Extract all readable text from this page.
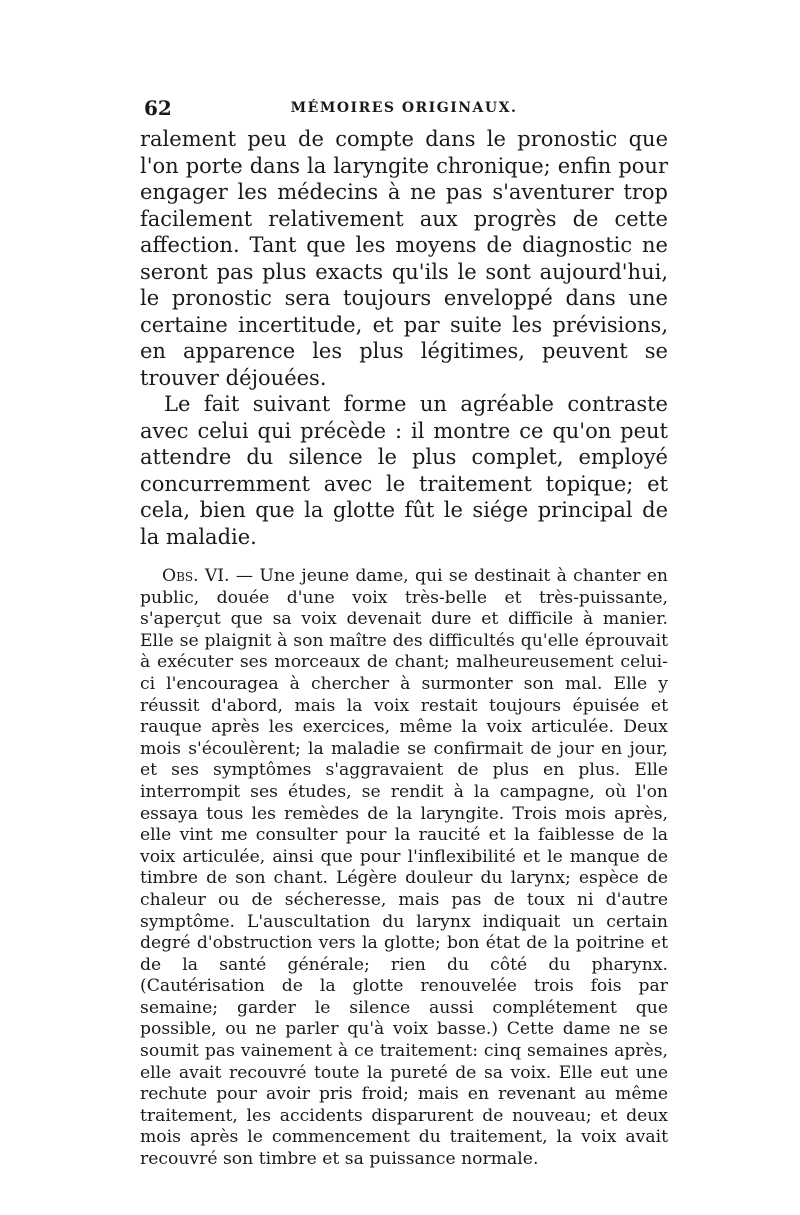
62	MÉMOIRES ORIGINAUX.

ralement peu de compte dans le pronostic que l'on porte dans la laryngite chronique; enfin pour engager les médecins à ne pas s'aventurer trop facilement relativement aux progrès de cette affection. Tant que les moyens de diagnostic ne seront pas plus exacts qu'ils le sont aujourd'hui, le pronostic sera toujours enveloppé dans une certaine incertitude, et par suite les prévisions, en apparence les plus légitimes, peuvent se trouver déjouées.

Le fait suivant forme un agréable contraste avec celui qui précède : il montre ce qu'on peut attendre du silence le plus complet, employé concurremment avec le traitement topique; et cela, bien que la glotte fût le siége principal de la maladie.

Obs. VI. — Une jeune dame, qui se destinait à chanter en public, douée d'une voix très-belle et très-puissante, s'aperçut que sa voix devenait dure et difficile à manier. Elle se plaignit à son maître des difficultés qu'elle éprouvait à exécuter ses morceaux de chant; malheureusement celui-ci l'encouragea à chercher à surmonter son mal. Elle y réussit d'abord, mais la voix restait toujours épuisée et rauque après les exercices, même la voix articulée. Deux mois s'écoulèrent; la maladie se confirmait de jour en jour, et ses symptômes s'aggravaient de plus en plus. Elle interrompit ses études, se rendit à la campagne, où l'on essaya tous les remèdes de la laryngite. Trois mois après, elle vint me consulter pour la raucité et la faiblesse de la voix articulée, ainsi que pour l'inflexibilité et le manque de timbre de son chant. Légère douleur du larynx; espèce de chaleur ou de sécheresse, mais pas de toux ni d'autre symptôme. L'auscultation du larynx indiquait un certain degré d'obstruction vers la glotte; bon état de la poitrine et de la santé générale; rien du côté du pharynx. (Cautérisation de la glotte renouvelée trois fois par semaine; garder le silence aussi complétement que possible, ou ne parler qu'à voix basse.) Cette dame ne se soumit pas vainement à ce traitement: cinq semaines après, elle avait recouvré toute la pureté de sa voix. Elle eut une rechute pour avoir pris froid; mais en revenant au même traitement, les accidents disparurent de nouveau; et deux mois après le commencement du traitement, la voix avait recouvré son timbre et sa puissance normale.
